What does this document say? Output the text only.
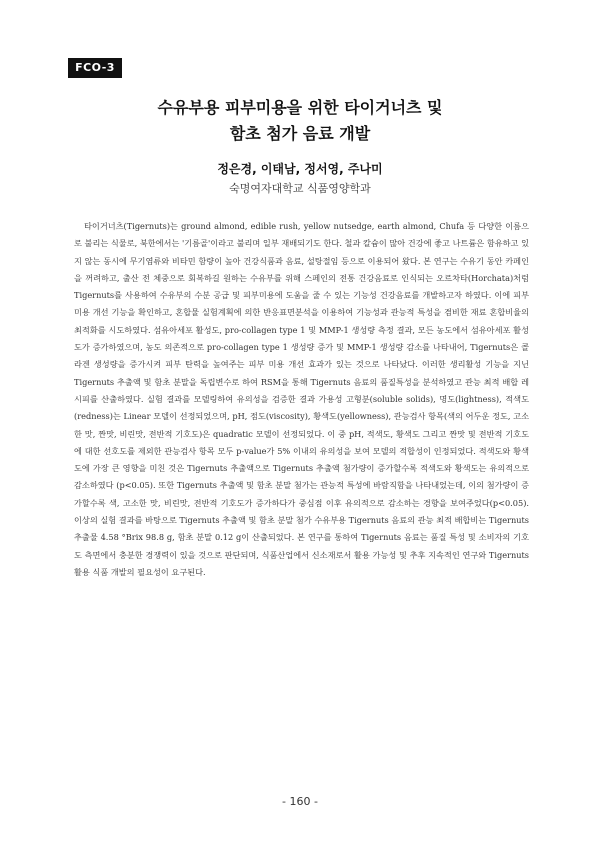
FCO-3
수유부용 피부미용을 위한 타이거너츠 및
함초 첨가 음료 개발
정은경, 이태남, 정서영, 주나미
숙명여자대학교 식품영양학과

타이거너츠(Tigernuts)는 ground almond, edible rush, yellow nutsedge, earth almond, Chufa 등 다양한 이름으로 불리는 식물로, 북한에서는 '기름골'이라고 불리며 일부 재배되기도 한다. 철과 칼슘이 많아 건강에 좋고 나트륨은 함유하고 있지 않는 동시에 무기염류와 비타민 함량이 높아 건강식품과 음료, 설탕절임 등으로 이용되어 왔다. 본 연구는 수유기 동안 카페인을 꺼려하고, 출산 전 체중으로 회복하길 원하는 수유부를 위해 스페인의 전통 건강음료로 인식되는 오르차타(Horchata)처럼 Tigernuts를 사용하여 수유부의 수분 공급 및 피부미용에 도움을 줄 수 있는 기능성 건강음료를 개발하고자 하였다. 이에 피부 미용 개선 기능을 확인하고, 혼합물 실험계획에 의한 반응표면분석을 이용하여 기능성과 관능적 특성을 겸비한 재료 혼합비율의 최적화를 시도하였다. 섬유아세포 활성도, pro-collagen type 1 및 MMP-1 생성량 측정 결과, 모든 농도에서 섬유아세포 활성도가 증가하였으며, 농도 의존적으로 pro-collagen type 1 생성량 증가 및 MMP-1 생성량 감소를 나타내어, Tigernuts은 콜라겐 생성량을 증가시켜 피부 탄력을 높여주는 피부 미용 개선 효과가 있는 것으로 나타났다. 이러한 생리활성 기능을 지닌 Tigernuts 추출액 및 함초 분말을 독립변수로 하여 RSM을 통해 Tigernuts 음료의 품질특성을 분석하였고 관능 최적 배합 레시피를 산출하였다. 실험 결과를 모델링하여 유의성을 검증한 결과 가용성 고형분(soluble solids), 명도(lightness), 적색도(redness)는 Linear 모델이 선정되었으며, pH, 점도(viscosity), 황색도(yellowness), 관능검사 항목(색의 어두운 정도, 고소한 맛, 짠맛, 비린맛, 전반적 기호도)은 quadratic 모델이 선정되었다. 이 중 pH, 적색도, 황색도 그리고 짠맛 및 전반적 기호도에 대한 선호도를 제외한 관능검사 항목 모두 p-value가 5% 이내의 유의성을 보여 모델의 적합성이 인정되었다. 적색도와 황색도에 가장 큰 영향을 미친 것은 Tigernuts 추출액으로 Tigernuts 추출액 첨가량이 증가할수록 적색도와 황색도는 유의적으로 감소하였다 (p<0.05). 또한 Tigernuts 추출액 및 함초 분말 첨가는 관능적 특성에 바람직함을 나타내었는데, 이의 첨가량이 증가할수록 색, 고소한 맛, 비린맛, 전반적 기호도가 증가하다가 중심점 이후 유의적으로 감소하는 경향을 보여주었다(p<0.05). 이상의 실험 결과를 바탕으로 Tigernuts 추출액 및 함초 분말 첨가 수유부용 Tigernuts 음료의 관능 최적 배합비는 Tigernuts 추출물 4.58 °Brix 98.8 g, 함초 분말 0.12 g이 산출되었다. 본 연구를 통하여 Tigernuts 음료는 품질 특성 및 소비자의 기호도 측면에서 충분한 경쟁력이 있을 것으로 판단되며, 식품산업에서 신소재로서 활용 가능성 및 추후 지속적인 연구와 Tigernuts 활용 식품 개발의 필요성이 요구된다.

- 160 -
